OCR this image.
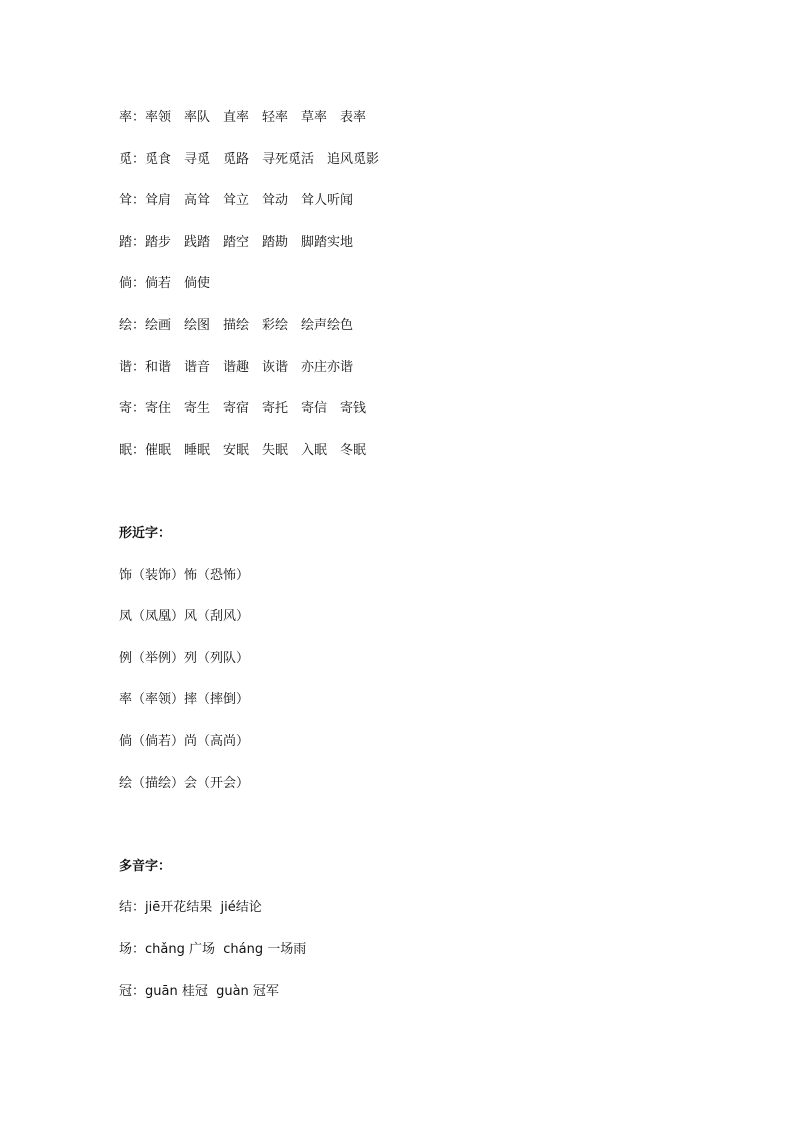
率：率领　率队　直率　轻率　草率　表率
觅：觅食　寻觅　觅路　寻死觅活　追风觅影
耸：耸肩　高耸　耸立　耸动　耸人听闻
踏：踏步　践踏　踏空　踏勘　脚踏实地
倘：倘若　倘使
绘：绘画　绘图　描绘　彩绘　绘声绘色
谐：和谐　谐音　谐趣　诙谐　亦庄亦谐
寄：寄住　寄生　寄宿　寄托　寄信　寄钱
眠：催眠　睡眠　安眠　失眠　入眠　冬眠
形近字：
饰（装饰）怖（恐怖）
凤（凤凰）风（刮风）
例（举例）列（列队）
率（率领）摔（摔倒）
倘（倘若）尚（高尚）
绘（描绘）会（开会）
多音字：
结：jiē开花结果  jié结论
场：chǎng 广场  cháng 一场雨
冠：guān 桂冠  guàn 冠军
